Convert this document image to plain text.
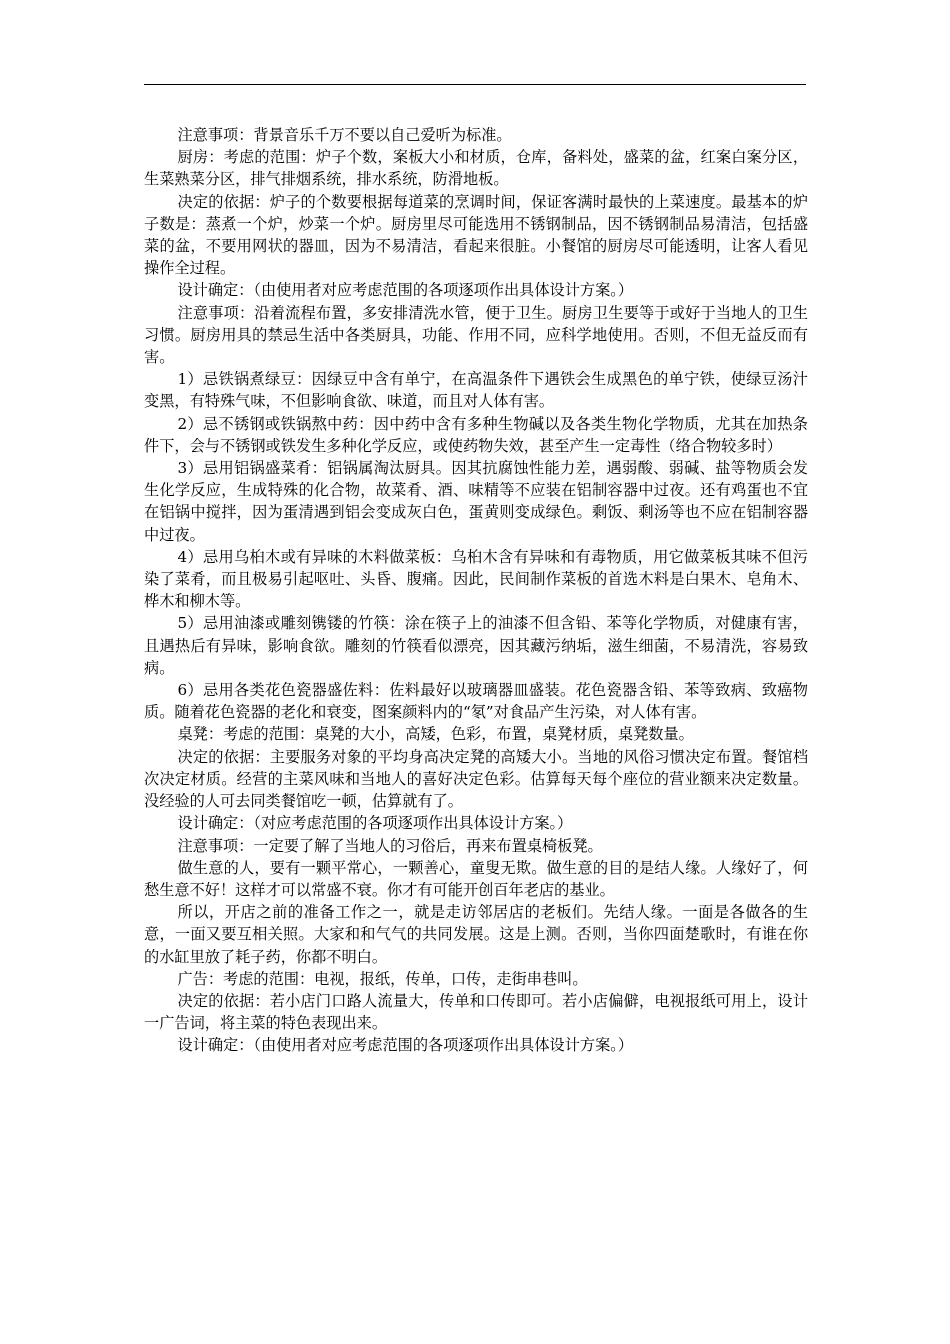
注意事项：背景音乐千万不要以自己爱听为标准。

厨房：考虑的范围：炉子个数，案板大小和材质，仓库，备料处，盛菜的盆，红案白案分区，生菜熟菜分区，排气排烟系统，排水系统，防滑地板。

决定的依据：炉子的个数要根据每道菜的烹调时间，保证客满时最快的上菜速度。最基本的炉子数是：蒸煮一个炉，炒菜一个炉。厨房里尽可能选用不锈钢制品，因不锈钢制品易清洁，包括盛菜的盆，不要用网状的器皿，因为不易清洁，看起来很脏。小餐馆的厨房尽可能透明，让客人看见操作全过程。

设计确定：（由使用者对应考虑范围的各项逐项作出具体设计方案。）

注意事项：沿着流程布置，多安排清洗水管，便于卫生。厨房卫生要等于或好于当地人的卫生习惯。厨房用具的禁忌生活中各类厨具，功能、作用不同，应科学地使用。否则，不但无益反而有害。

1）忌铁锅煮绿豆：因绿豆中含有单宁，在高温条件下遇铁会生成黑色的单宁铁，使绿豆汤汁变黑，有特殊气味，不但影响食欲、味道，而且对人体有害。

2）忌不锈钢或铁锅熬中药：因中药中含有多种生物碱以及各类生物化学物质，尤其在加热条件下，会与不锈钢或铁发生多种化学反应，或使药物失效，甚至产生一定毒性（络合物较多时）

3）忌用铝锅盛菜肴：铝锅属淘汰厨具。因其抗腐蚀性能力差，遇弱酸、弱碱、盐等物质会发生化学反应，生成特殊的化合物，故菜肴、酒、味精等不应装在铝制容器中过夜。还有鸡蛋也不宜在铝锅中搅拌，因为蛋清遇到铝会变成灰白色，蛋黄则变成绿色。剩饭、剩汤等也不应在铝制容器中过夜。

4）忌用乌桕木或有异味的木料做菜板：乌桕木含有异味和有毒物质，用它做菜板其味不但污染了菜肴，而且极易引起呕吐、头昏、腹痛。因此，民间制作菜板的首选木料是白果木、皂角木、桦木和柳木等。

5）忌用油漆或雕刻镌镂的竹筷：涂在筷子上的油漆不但含铅、苯等化学物质，对健康有害，且遇热后有异味，影响食欲。雕刻的竹筷看似漂亮，因其藏污纳垢，滋生细菌，不易清洗，容易致病。

6）忌用各类花色瓷器盛佐料：佐料最好以玻璃器皿盛装。花色瓷器含铅、苯等致病、致癌物质。随着花色瓷器的老化和衰变，图案颜料内的“氡”对食品产生污染，对人体有害。

桌凳：考虑的范围：桌凳的大小，高矮，色彩，布置，桌凳材质，桌凳数量。

决定的依据：主要服务对象的平均身高决定凳的高矮大小。当地的风俗习惯决定布置。餐馆档次决定材质。经营的主菜风味和当地人的喜好决定色彩。估算每天每个座位的营业额来决定数量。没经验的人可去同类餐馆吃一顿，估算就有了。

设计确定：（对应考虑范围的各项逐项作出具体设计方案。）

注意事项：一定要了解了当地人的习俗后，再来布置桌椅板凳。

做生意的人，要有一颗平常心，一颗善心，童叟无欺。做生意的目的是结人缘。人缘好了，何愁生意不好！这样才可以常盛不衰。你才有可能开创百年老店的基业。

所以，开店之前的准备工作之一，就是走访邻居店的老板们。先结人缘。一面是各做各的生意，一面又要互相关照。大家和和气气的共同发展。这是上测。否则，当你四面楚歌时，有谁在你的水缸里放了耗子药，你都不明白。

广告：考虑的范围：电视，报纸，传单，口传，走街串巷叫。

决定的依据：若小店门口路人流量大，传单和口传即可。若小店偏僻，电视报纸可用上，设计一广告词，将主菜的特色表现出来。

设计确定：（由使用者对应考虑范围的各项逐项作出具体设计方案。）
